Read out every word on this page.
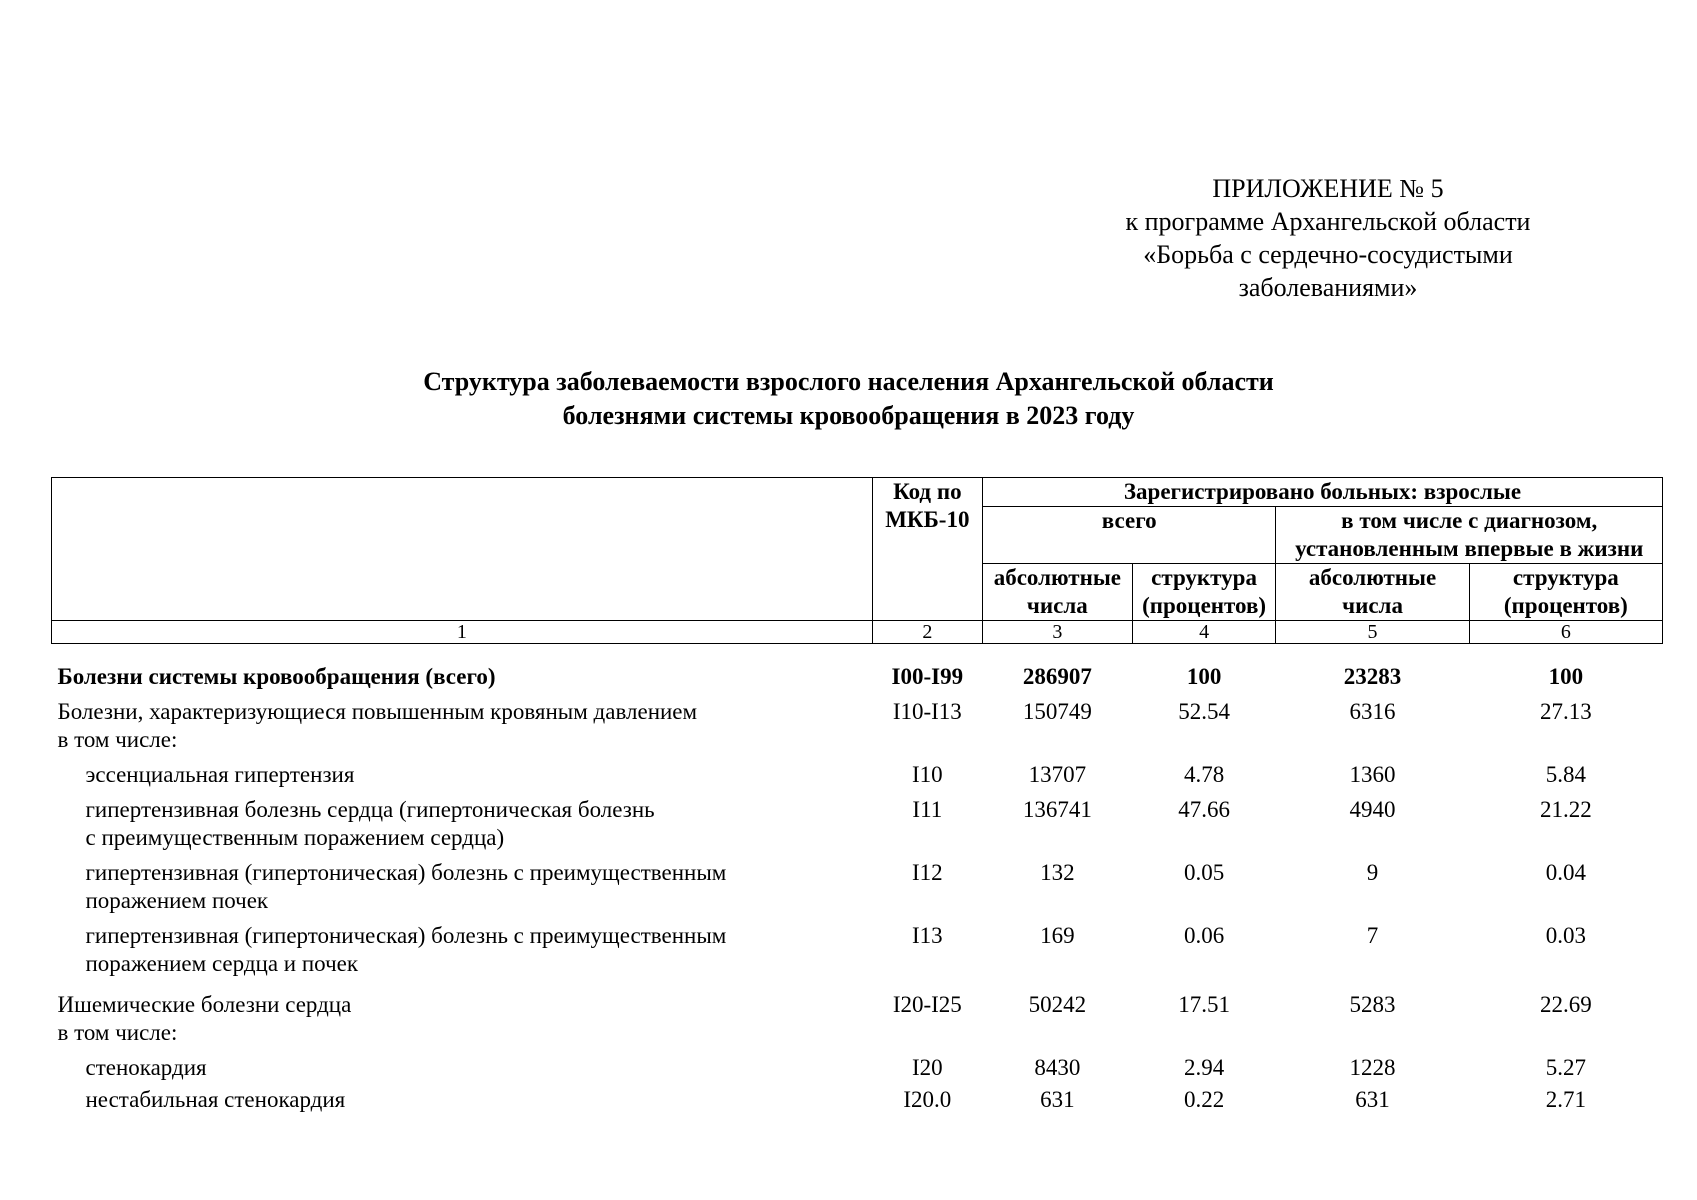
ПРИЛОЖЕНИЕ № 5
к программе Архангельской области
«Борьба с сердечно-сосудистыми
заболеваниями»
Структура заболеваемости взрослого населения Архангельской области
болезнями системы кровообращения в 2023 году
	Код по МКБ-10	Зарегистрировано больных: взрослые			
		всего		в том числе с диагнозом, установленным впервые в жизни	
		абсолютные числа	структура (процентов)	абсолютные числа	структура (процентов)
1	2	3	4	5	6

Болезни системы кровообращения (всего)	I00-I99	286907	100	23283	100

Болезни, характеризующиеся повышенным кровяным давлением
в том числе:	I10-I13	150749	52.54	6316	27.13

эссенциальная гипертензия	I10	13707	4.78	1360	5.84

гипертензивная болезнь сердца (гипертоническая болезнь
с преимущественным поражением сердца)	I11	136741	47.66	4940	21.22

гипертензивная (гипертоническая) болезнь с преимущественным
поражением почек	I12	132	0.05	9	0.04

гипертензивная (гипертоническая) болезнь с преимущественным
поражением сердца и почек	I13	169	0.06	7	0.03

Ишемические болезни сердца
в том числе:	I20-I25	50242	17.51	5283	22.69

стенокардия	I20	8430	2.94	1228	5.27

нестабильная стенокардия	I20.0	631	0.22	631	2.71
